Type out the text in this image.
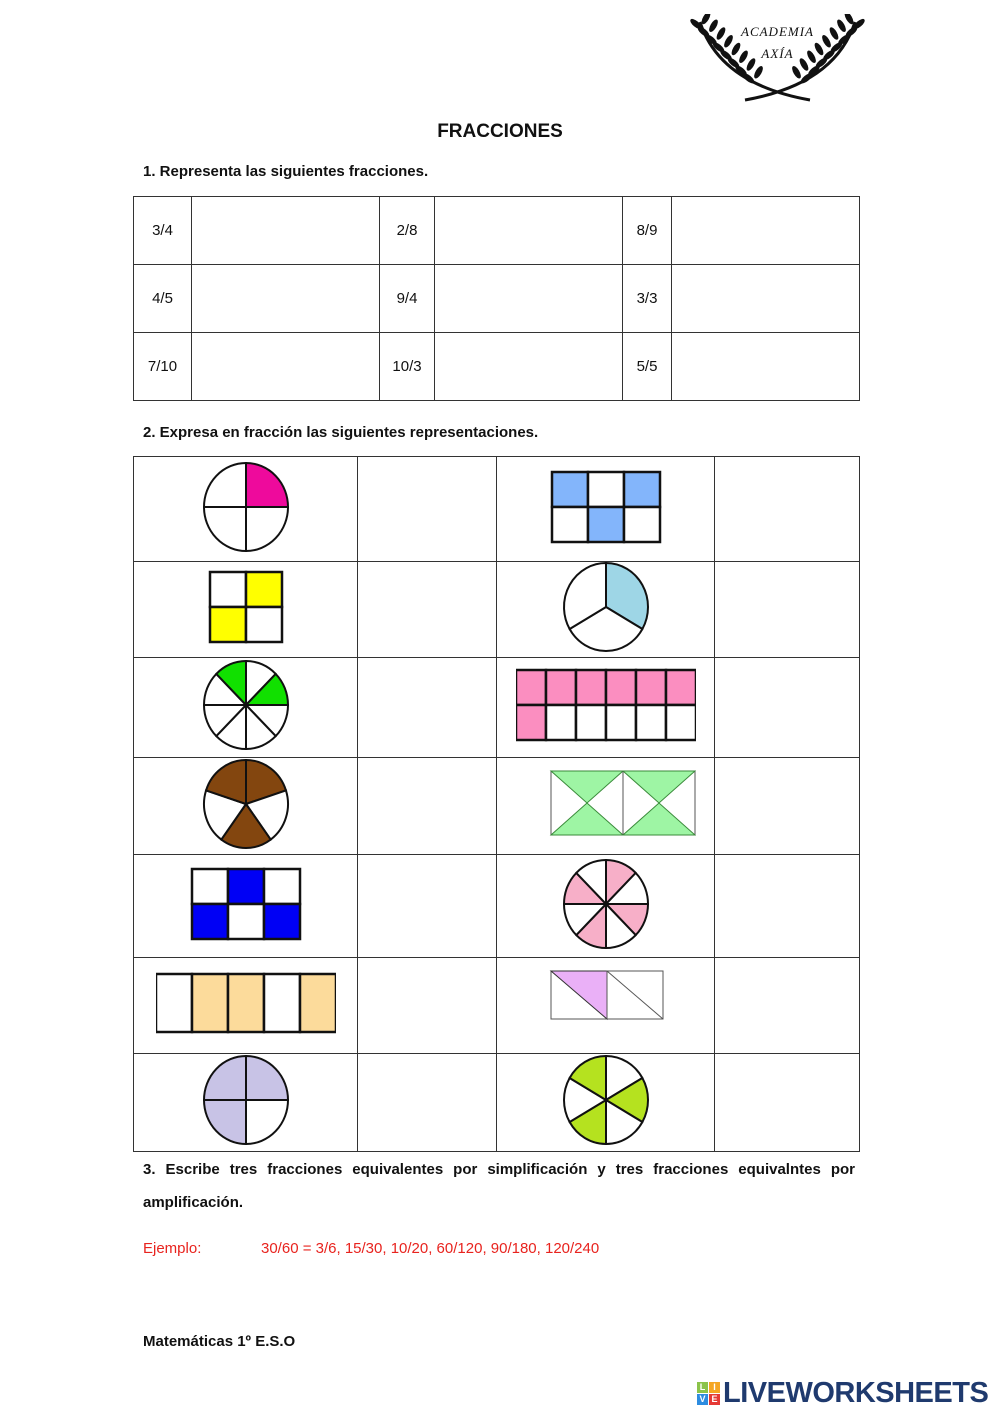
ACADEMIA
AXÍA
FRACCIONES
1. Representa las siguientes fracciones.
3/4		2/8		8/9	
4/5		9/4		3/3	
7/10		10/3		5/5	
2. Expresa en fracción las siguientes representaciones.

3. Escribe tres fracciones equivalentes por simplificación y tres fracciones equivalntes por amplificación.
Ejemplo:	30/60 = 3/6, 15/30, 10/20, 60/120, 90/180, 120/240
Matemáticas 1º E.S.O
L I
V E LIVEWORKSHEETS
